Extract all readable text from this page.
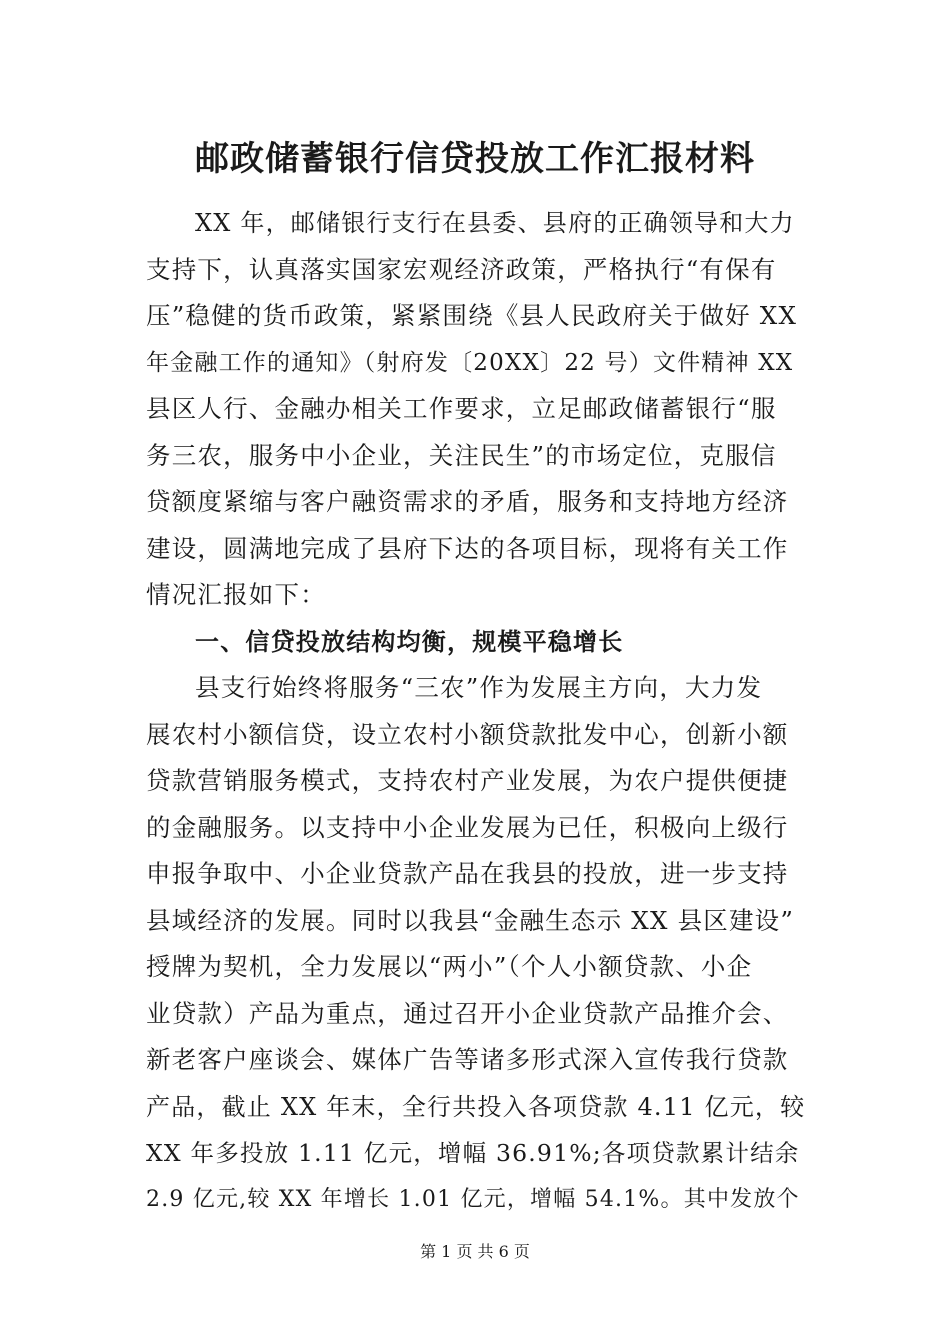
邮政储蓄银行信贷投放工作汇报材料
XX 年，邮储银行支行在县委、县府的正确领导和大力
支持下，认真落实国家宏观经济政策，严格执行“有保有
压”稳健的货币政策，紧紧围绕《县人民政府关于做好 XX
年金融工作的通知》（射府发〔20XX〕22 号）文件精神 XX
县区人行、金融办相关工作要求，立足邮政储蓄银行“服
务三农，服务中小企业，关注民生”的市场定位，克服信
贷额度紧缩与客户融资需求的矛盾，服务和支持地方经济
建设，圆满地完成了县府下达的各项目标，现将有关工作
情况汇报如下：
一、信贷投放结构均衡，规模平稳增长
县支行始终将服务“三农”作为发展主方向，大力发
展农村小额信贷，设立农村小额贷款批发中心，创新小额
贷款营销服务模式，支持农村产业发展，为农户提供便捷
的金融服务。以支持中小企业发展为已任，积极向上级行
申报争取中、小企业贷款产品在我县的投放，进一步支持
县域经济的发展。同时以我县“金融生态示 XX 县区建设”
授牌为契机，全力发展以“两小”（个人小额贷款、小企
业贷款）产品为重点，通过召开小企业贷款产品推介会、
新老客户座谈会、媒体广告等诸多形式深入宣传我行贷款
产品，截止 XX 年末，全行共投入各项贷款 4.11 亿元，较
XX 年多投放 1.11 亿元，增幅 36.91%;各项贷款累计结余
2.9 亿元,较 XX 年增长 1.01 亿元，增幅 54.1%。其中发放个
第 1 页 共 6 页
